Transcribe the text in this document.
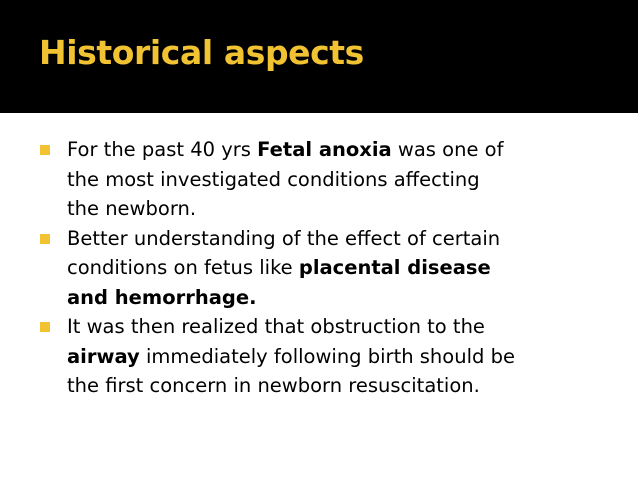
Historical aspects
For the past 40 yrs Fetal anoxia was one of
the most investigated conditions affecting
the newborn.
Better understanding of the effect of certain
conditions on fetus like placental disease
and hemorrhage.
It was then realized that obstruction to the
airway immediately following birth should be
the first concern in newborn resuscitation.
